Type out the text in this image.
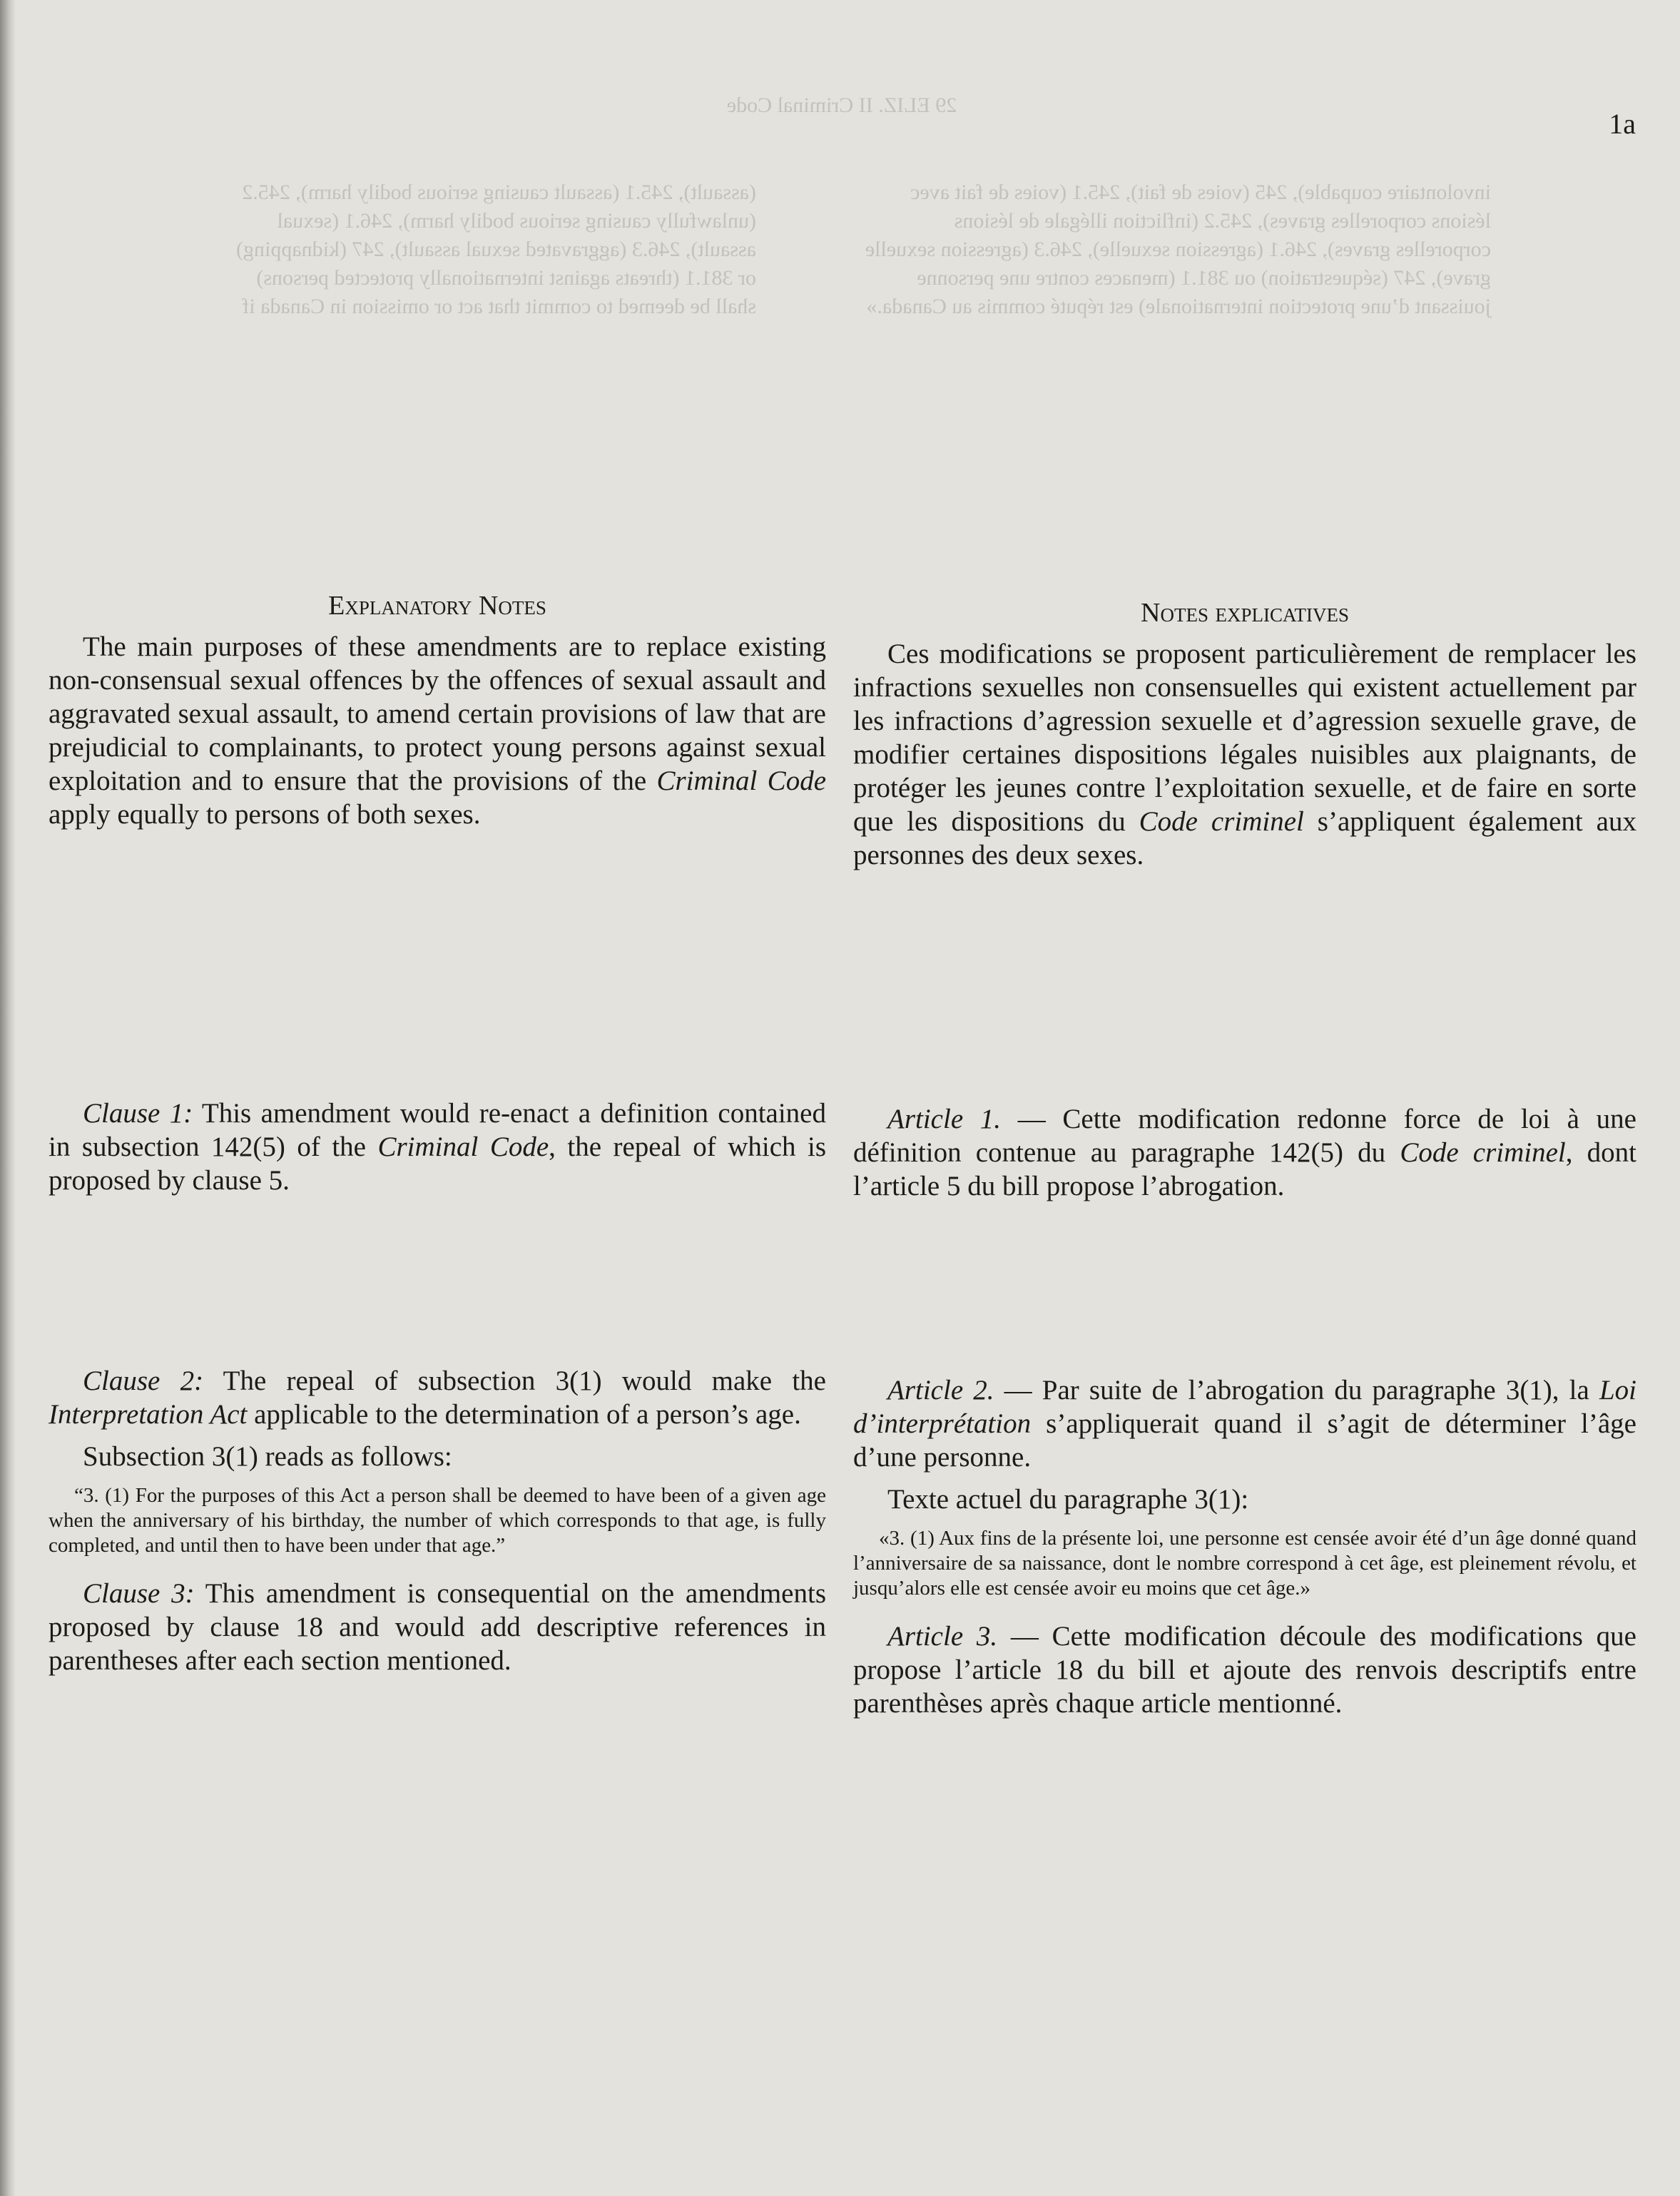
29 ELIZ. II Criminal Code
involontaire coupable), 245 (voies de fait), 245.1 (voies de fait avec lésions corporelles graves), 245.2 (infliction illégale de lésions corporelles graves), 246.1 (agression sexuelle), 246.3 (agression sexuelle grave), 247 (séquestration) ou 381.1 (menaces contre une personne jouissant d’une protection internationale) est réputé commis au Canada.»
(assault), 245.1 (assault causing serious bodily harm), 245.2 (unlawfully causing serious bodily harm), 246.1 (sexual assault), 246.3 (aggravated sexual assault), 247 (kidnapping) or 381.1 (threats against internationally protected persons) shall be deemed to commit that act or omission in Canada if
1a
Explanatory Notes

The main purposes of these amendments are to replace existing non-consensual sexual offences by the offences of sexual assault and aggravated sexual assault, to amend certain provisions of law that are prejudicial to complainants, to protect young persons against sexual exploitation and to ensure that the provisions of the Criminal Code apply equally to persons of both sexes.

Clause 1: This amendment would re-enact a definition contained in subsection 142(5) of the Criminal Code, the repeal of which is proposed by clause 5.

Clause 2: The repeal of subsection 3(1) would make the Interpretation Act applicable to the determination of a person’s age.

Subsection 3(1) reads as follows:

“3. (1) For the purposes of this Act a person shall be deemed to have been of a given age when the anniversary of his birthday, the number of which corresponds to that age, is fully completed, and until then to have been under that age.”

Clause 3: This amendment is consequential on the amendments proposed by clause 18 and would add descriptive references in parentheses after each section mentioned.

Notes explicatives

Ces modifications se proposent particulièrement de remplacer les infractions sexuelles non consensuelles qui existent actuellement par les infractions d’agression sexuelle et d’agression sexuelle grave, de modifier certaines dispositions légales nuisibles aux plaignants, de protéger les jeunes contre l’exploitation sexuelle, et de faire en sorte que les dispositions du Code criminel s’appliquent également aux personnes des deux sexes.

Article 1. — Cette modification redonne force de loi à une définition contenue au paragraphe 142(5) du Code criminel, dont l’article 5 du bill propose l’abrogation.

Article 2. — Par suite de l’abrogation du paragraphe 3(1), la Loi d’interprétation s’appliquerait quand il s’agit de déterminer l’âge d’une personne.

Texte actuel du paragraphe 3(1):

«3. (1) Aux fins de la présente loi, une personne est censée avoir été d’un âge donné quand l’anniversaire de sa naissance, dont le nombre correspond à cet âge, est pleinement révolu, et jusqu’alors elle est censée avoir eu moins que cet âge.»

Article 3. — Cette modification découle des modifications que propose l’article 18 du bill et ajoute des renvois descriptifs entre parenthèses après chaque article mentionné.
